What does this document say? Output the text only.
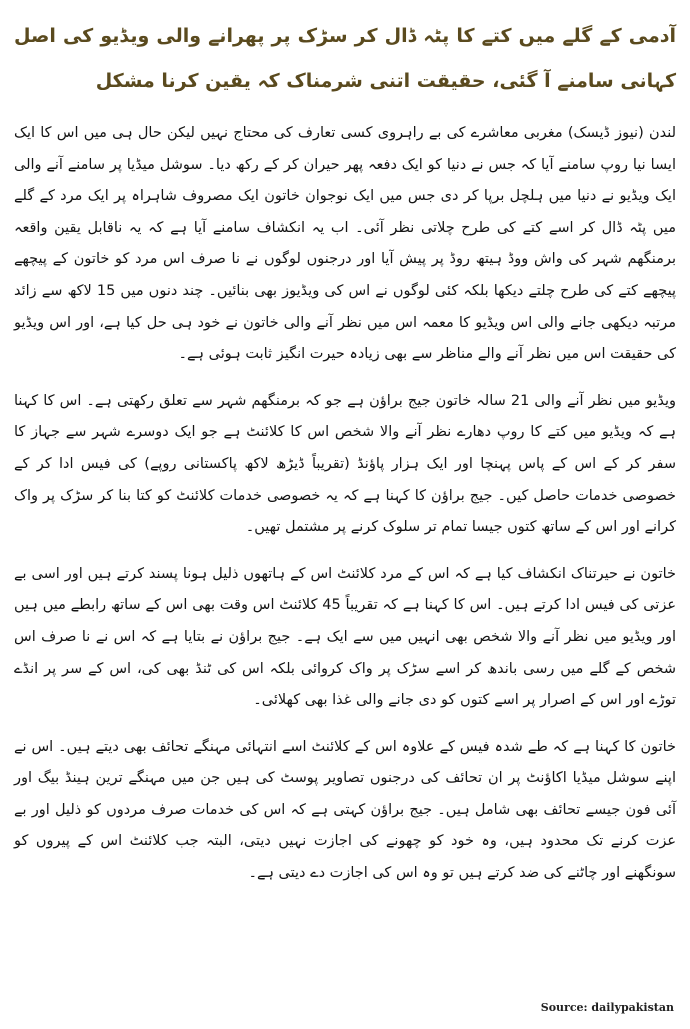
آدمی کے گلے میں کتے کا پٹہ ڈال کر سڑک پر پھرانے والی ویڈیو کی اصل کہانی سامنے آ گئی، حقیقت اتنی شرمناک کہ یقین کرنا مشکل

لندن (نیوز ڈیسک) مغربی معاشرے کی بے راہروی کسی تعارف کی محتاج نہیں لیکن حال ہی میں اس کا ایک ایسا نیا روپ سامنے آیا کہ جس نے دنیا کو ایک دفعہ پھر حیران کر کے رکھ دیا۔ سوشل میڈیا پر سامنے آنے والی ایک ویڈیو نے دنیا میں ہلچل برپا کر دی جس میں ایک نوجوان خاتون ایک مصروف شاہراہ پر ایک مرد کے گلے میں پٹہ ڈال کر اسے کتے کی طرح چلاتی نظر آئی۔ اب یہ انکشاف سامنے آیا ہے کہ یہ ناقابل یقین واقعہ برمنگھم شہر کی واش ووڈ ہیتھ روڈ پر پیش آیا اور درجنوں لوگوں نے نا صرف اس مرد کو خاتون کے پیچھے پیچھے کتے کی طرح چلتے دیکھا بلکہ کئی لوگوں نے اس کی ویڈیوز بھی بنائیں۔ چند دنوں میں 15 لاکھ سے زائد مرتبہ دیکھی جانے والی اس ویڈیو کا معمہ اس میں نظر آنے والی خاتون نے خود ہی حل کیا ہے، اور اس ویڈیو کی حقیقت اس میں نظر آنے والے مناظر سے بھی زیادہ حیرت انگیز ثابت ہوئی ہے۔

ویڈیو میں نظر آنے والی 21 سالہ خاتون جیج براؤن ہے جو کہ برمنگھم شہر سے تعلق رکھتی ہے۔ اس کا کہنا ہے کہ ویڈیو میں کتے کا روپ دھارے نظر آنے والا شخص اس کا کلائنٹ ہے جو ایک دوسرے شہر سے جہاز کا سفر کر کے اس کے پاس پہنچا اور ایک ہزار پاؤنڈ (تقریباً ڈیڑھ لاکھ پاکستانی روپے) کی فیس ادا کر کے خصوصی خدمات حاصل کیں۔ جیج براؤن کا کہنا ہے کہ یہ خصوصی خدمات کلائنٹ کو کتا بنا کر سڑک پر واک کرانے اور اس کے ساتھ کتوں جیسا تمام تر سلوک کرنے پر مشتمل تھیں۔

خاتون نے حیرتناک انکشاف کیا ہے کہ اس کے مرد کلائنٹ اس کے ہاتھوں ذلیل ہونا پسند کرتے ہیں اور اسی بے عزتی کی فیس ادا کرتے ہیں۔ اس کا کہنا ہے کہ تقریباً 45 کلائنٹ اس وقت بھی اس کے ساتھ رابطے میں ہیں اور ویڈیو میں نظر آنے والا شخص بھی انہیں میں سے ایک ہے۔ جیج براؤن نے بتایا ہے کہ اس نے نا صرف اس شخص کے گلے میں رسی باندھ کر اسے سڑک پر واک کروائی بلکہ اس کی ٹنڈ بھی کی، اس کے سر پر انڈے توڑے اور اس کے اصرار پر اسے کتوں کو دی جانے والی غذا بھی کھلائی۔

خاتون کا کہنا ہے کہ طے شدہ فیس کے علاوہ اس کے کلائنٹ اسے انتہائی مہنگے تحائف بھی دیتے ہیں۔ اس نے اپنے سوشل میڈیا اکاؤنٹ پر ان تحائف کی درجنوں تصاویر پوسٹ کی ہیں جن میں مہنگے ترین ہینڈ بیگ اور آئی فون جیسے تحائف بھی شامل ہیں۔ جیج براؤن کہتی ہے کہ اس کی خدمات صرف مردوں کو ذلیل اور بے عزت کرنے تک محدود ہیں، وہ خود کو چھونے کی اجازت نہیں دیتی، البتہ جب کلائنٹ اس کے پیروں کو سونگھنے اور چاٹنے کی ضد کرتے ہیں تو وہ اس کی اجازت دے دیتی ہے۔

Source: dailypakistan
